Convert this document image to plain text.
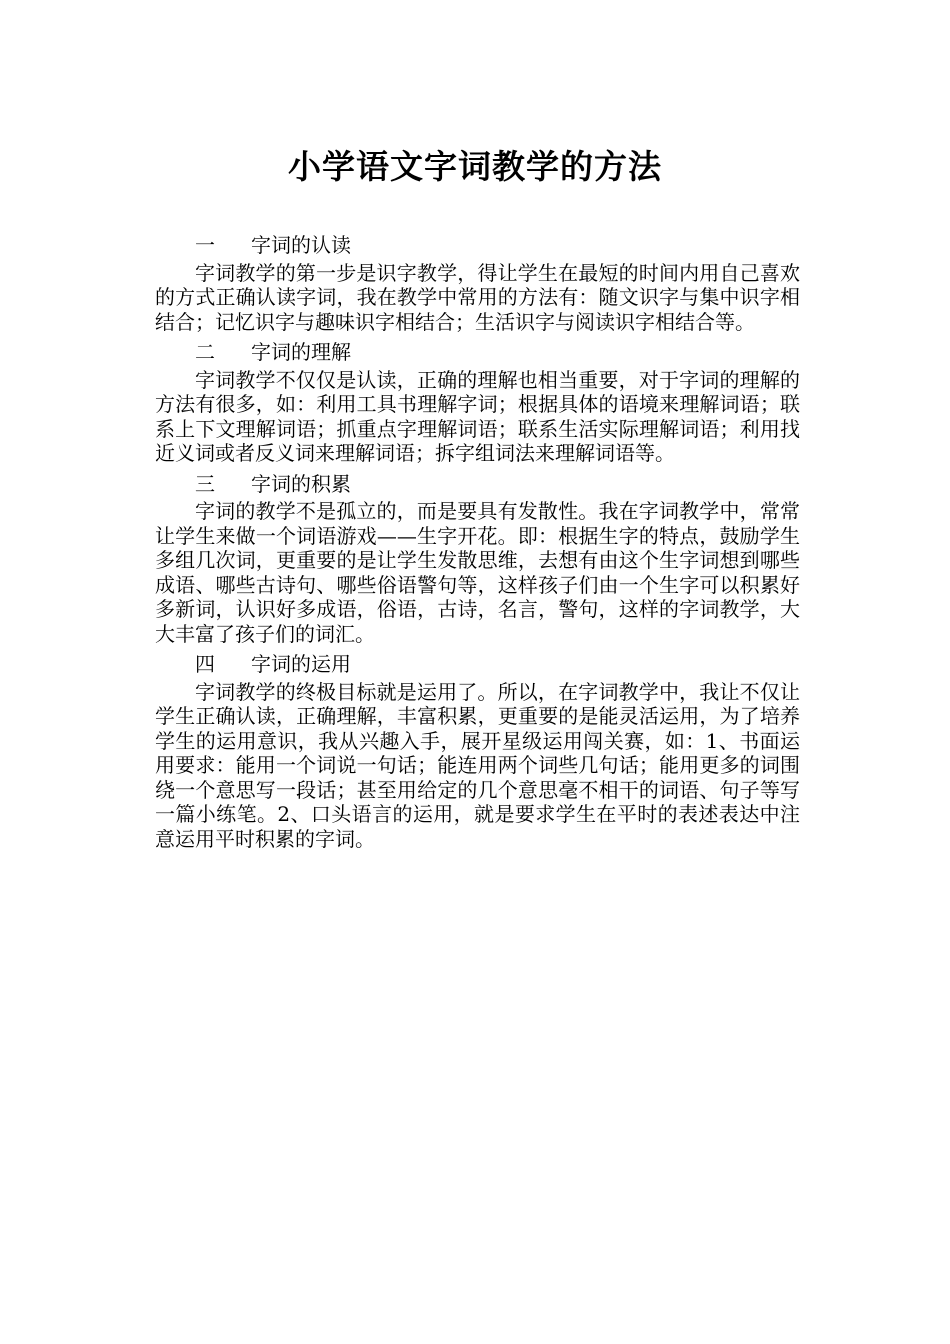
小学语文字词教学的方法
一 字词的认读

字词教学的第一步是识字教学，得让学生在最短的时间内用自己喜欢的方式正确认读字词，我在教学中常用的方法有：随文识字与集中识字相结合；记忆识字与趣味识字相结合；生活识字与阅读识字相结合等。

二 字词的理解

字词教学不仅仅是认读，正确的理解也相当重要，对于字词的理解的方法有很多，如：利用工具书理解字词；根据具体的语境来理解词语；联系上下文理解词语；抓重点字理解词语；联系生活实际理解词语；利用找近义词或者反义词来理解词语；拆字组词法来理解词语等。

三 字词的积累

字词的教学不是孤立的，而是要具有发散性。我在字词教学中，常常让学生来做一个词语游戏——生字开花。即：根据生字的特点，鼓励学生多组几次词，更重要的是让学生发散思维，去想有由这个生字词想到哪些成语、哪些古诗句、哪些俗语警句等，这样孩子们由一个生字可以积累好多新词，认识好多成语，俗语，古诗，名言，警句，这样的字词教学，大大丰富了孩子们的词汇。

四 字词的运用

字词教学的终极目标就是运用了。所以，在字词教学中，我让不仅让学生正确认读，正确理解，丰富积累，更重要的是能灵活运用，为了培养学生的运用意识，我从兴趣入手，展开星级运用闯关赛，如：1、书面运用要求：能用一个词说一句话；能连用两个词些几句话；能用更多的词围绕一个意思写一段话；甚至用给定的几个意思毫不相干的词语、句子等写一篇小练笔。2、口头语言的运用，就是要求学生在平时的表述表达中注意运用平时积累的字词。
